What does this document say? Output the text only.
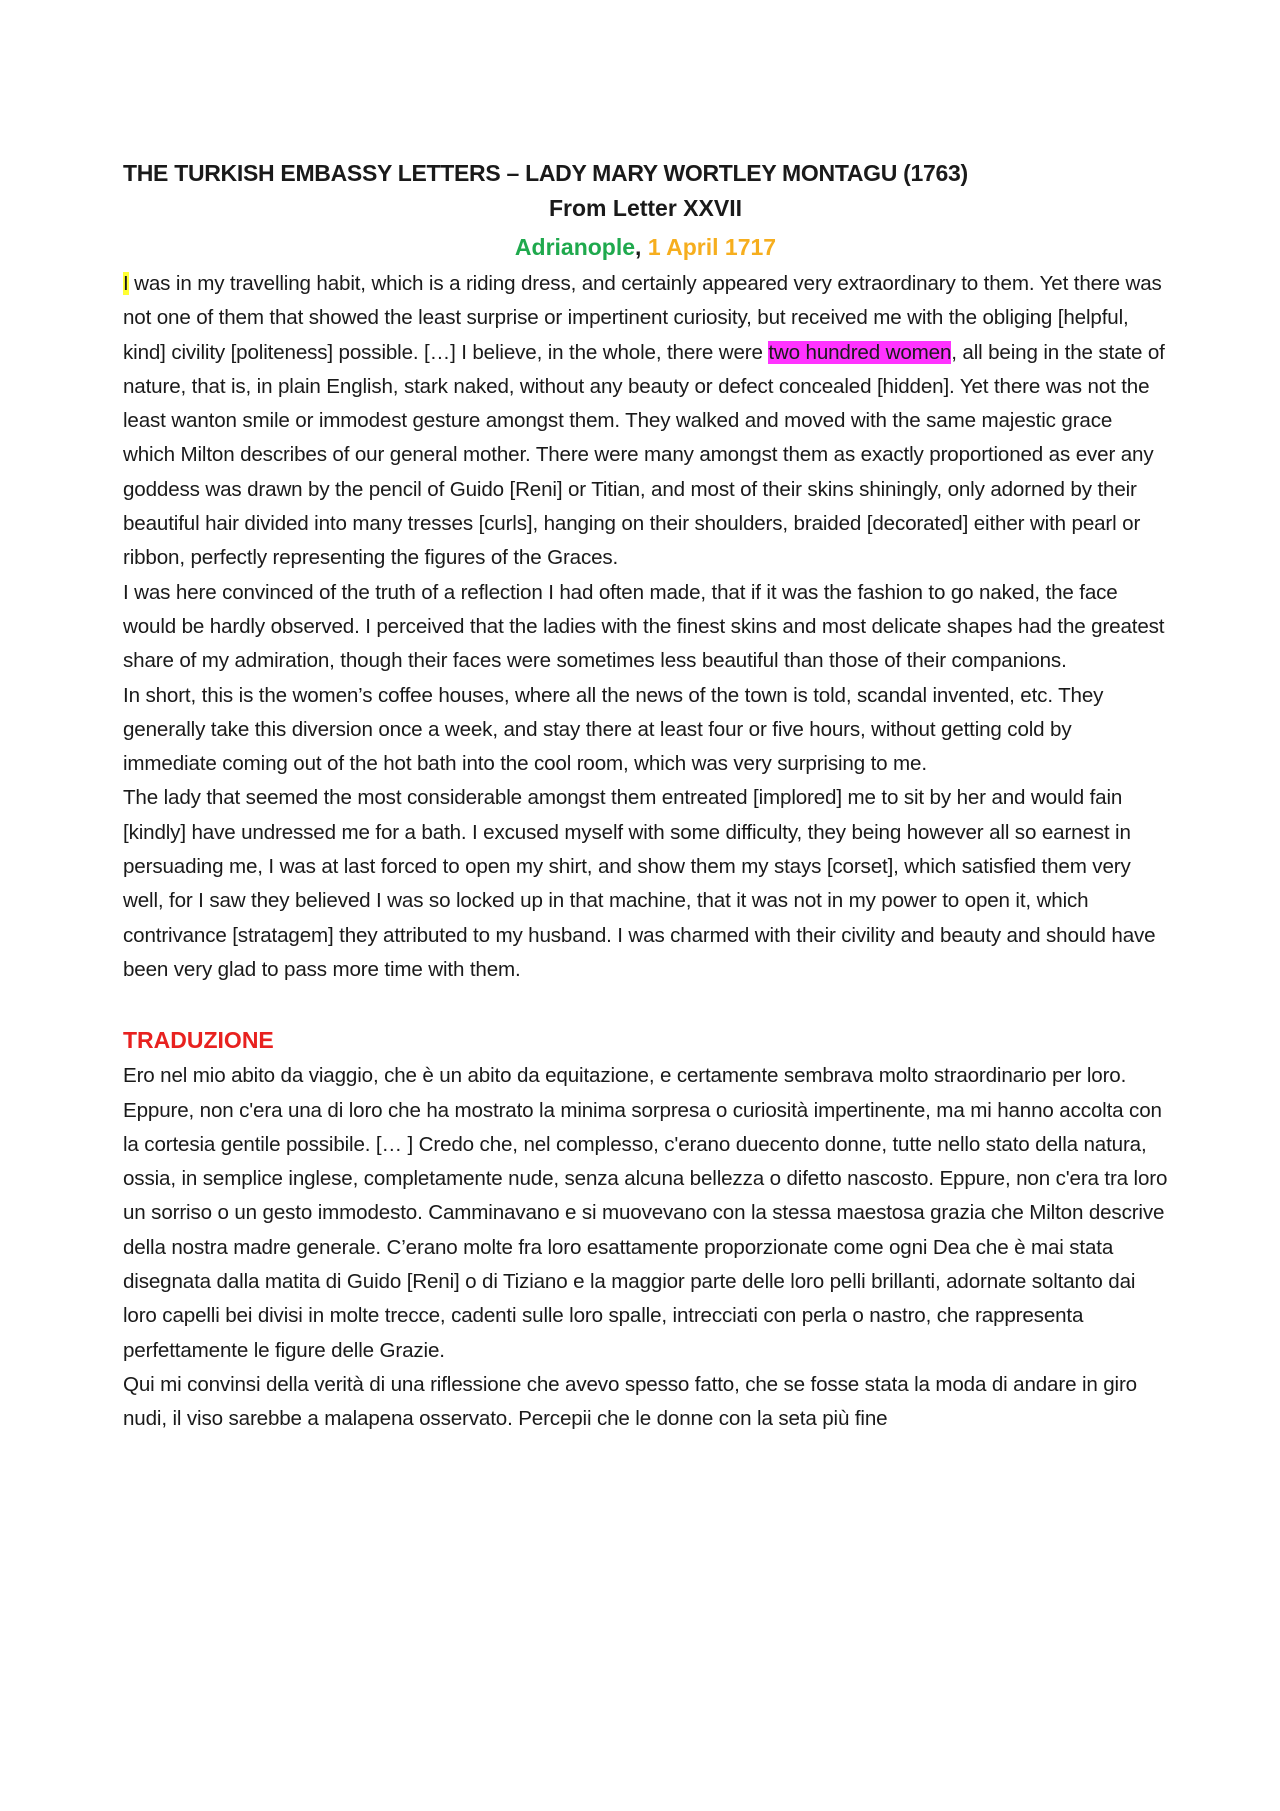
THE TURKISH EMBASSY LETTERS – LADY MARY WORTLEY MONTAGU (1763)
From Letter XXVII
Adrianople, 1 April 1717

I was in my travelling habit, which is a riding dress, and certainly appeared very extraordinary to them. Yet there was not one of them that showed the least surprise or impertinent curiosity, but received me with the obliging [helpful, kind] civility [politeness] possible. […] I believe, in the whole, there were two hundred women, all being in the state of nature, that is, in plain English, stark naked, without any beauty or defect concealed [hidden]. Yet there was not the least wanton smile or immodest gesture amongst them. They walked and moved with the same majestic grace which Milton describes of our general mother. There were many amongst them as exactly proportioned as ever any goddess was drawn by the pencil of Guido [Reni] or Titian, and most of their skins shiningly, only adorned by their beautiful hair divided into many tresses [curls], hanging on their shoulders, braided [decorated] either with pearl or ribbon, perfectly representing the figures of the Graces.

I was here convinced of the truth of a reflection I had often made, that if it was the fashion to go naked, the face would be hardly observed. I perceived that the ladies with the finest skins and most delicate shapes had the greatest share of my admiration, though their faces were sometimes less beautiful than those of their companions.

In short, this is the women’s coffee houses, where all the news of the town is told, scandal invented, etc. They generally take this diversion once a week, and stay there at least four or five hours, without getting cold by immediate coming out of the hot bath into the cool room, which was very surprising to me.

The lady that seemed the most considerable amongst them entreated [implored] me to sit by her and would fain [kindly] have undressed me for a bath. I excused myself with some difficulty, they being however all so earnest in persuading me, I was at last forced to open my shirt, and show them my stays [corset], which satisfied them very well, for I saw they believed I was so locked up in that machine, that it was not in my power to open it, which contrivance [stratagem] they attributed to my husband. I was charmed with their civility and beauty and should have been very glad to pass more time with them.

TRADUZIONE

Ero nel mio abito da viaggio, che è un abito da equitazione, e certamente sembrava molto straordinario per loro. Eppure, non c'era una di loro che ha mostrato la minima sorpresa o curiosità impertinente, ma mi hanno accolta con la cortesia gentile possibile. [… ] Credo che, nel complesso, c'erano duecento donne, tutte nello stato della natura, ossia, in semplice inglese, completamente nude, senza alcuna bellezza o difetto nascosto. Eppure, non c'era tra loro un sorriso o un gesto immodesto. Camminavano e si muovevano con la stessa maestosa grazia che Milton descrive della nostra madre generale. C’erano molte fra loro esattamente proporzionate come ogni Dea che è mai stata disegnata dalla matita di Guido [Reni] o di Tiziano e la maggior parte delle loro pelli brillanti, adornate soltanto dai loro capelli bei divisi in molte trecce, cadenti sulle loro spalle, intrecciati con perla o nastro, che rappresenta perfettamente le figure delle Grazie.

Qui mi convinsi della verità di una riflessione che avevo spesso fatto, che se fosse stata la moda di andare in giro nudi, il viso sarebbe a malapena osservato. Percepii che le donne con la seta più fine
